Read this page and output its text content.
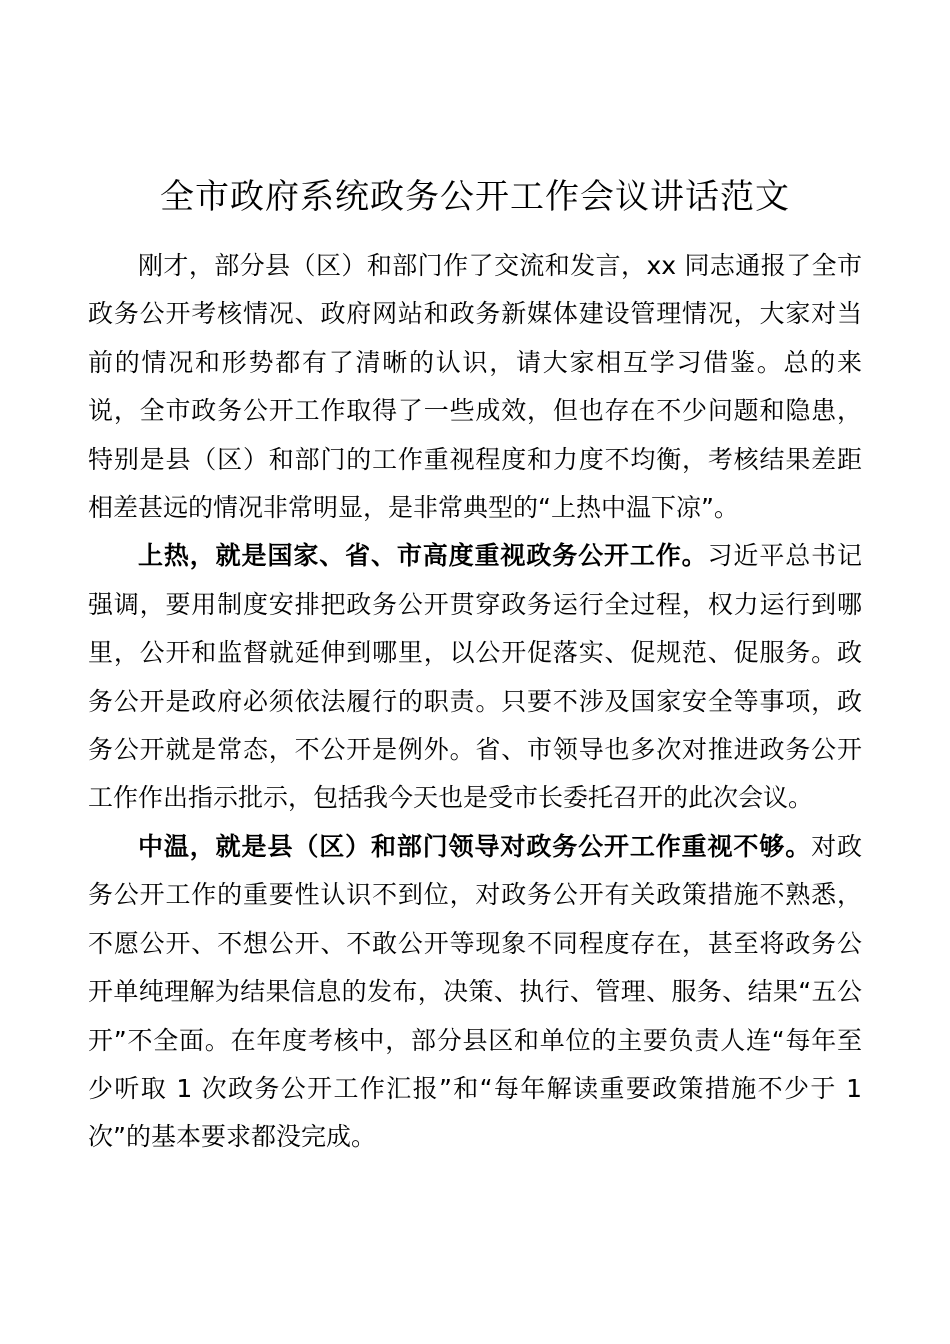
全市政府系统政务公开工作会议讲话范文

刚才，部分县（区）和部门作了交流和发言，xx 同志通报了全市政务公开考核情况、政府网站和政务新媒体建设管理情况，大家对当前的情况和形势都有了清晰的认识，请大家相互学习借鉴。总的来说，全市政务公开工作取得了一些成效，但也存在不少问题和隐患，特别是县（区）和部门的工作重视程度和力度不均衡，考核结果差距相差甚远的情况非常明显，是非常典型的“上热中温下凉”。

上热，就是国家、省、市高度重视政务公开工作。习近平总书记强调，要用制度安排把政务公开贯穿政务运行全过程，权力运行到哪里，公开和监督就延伸到哪里，以公开促落实、促规范、促服务。政务公开是政府必须依法履行的职责。只要不涉及国家安全等事项，政务公开就是常态，不公开是例外。省、市领导也多次对推进政务公开工作作出指示批示，包括我今天也是受市长委托召开的此次会议。

中温，就是县（区）和部门领导对政务公开工作重视不够。对政务公开工作的重要性认识不到位，对政务公开有关政策措施不熟悉，不愿公开、不想公开、不敢公开等现象不同程度存在，甚至将政务公开单纯理解为结果信息的发布，决策、执行、管理、服务、结果“五公开”不全面。在年度考核中，部分县区和单位的主要负责人连“每年至少听取 1 次政务公开工作汇报”和“每年解读重要政策措施不少于 1 次”的基本要求都没完成。
